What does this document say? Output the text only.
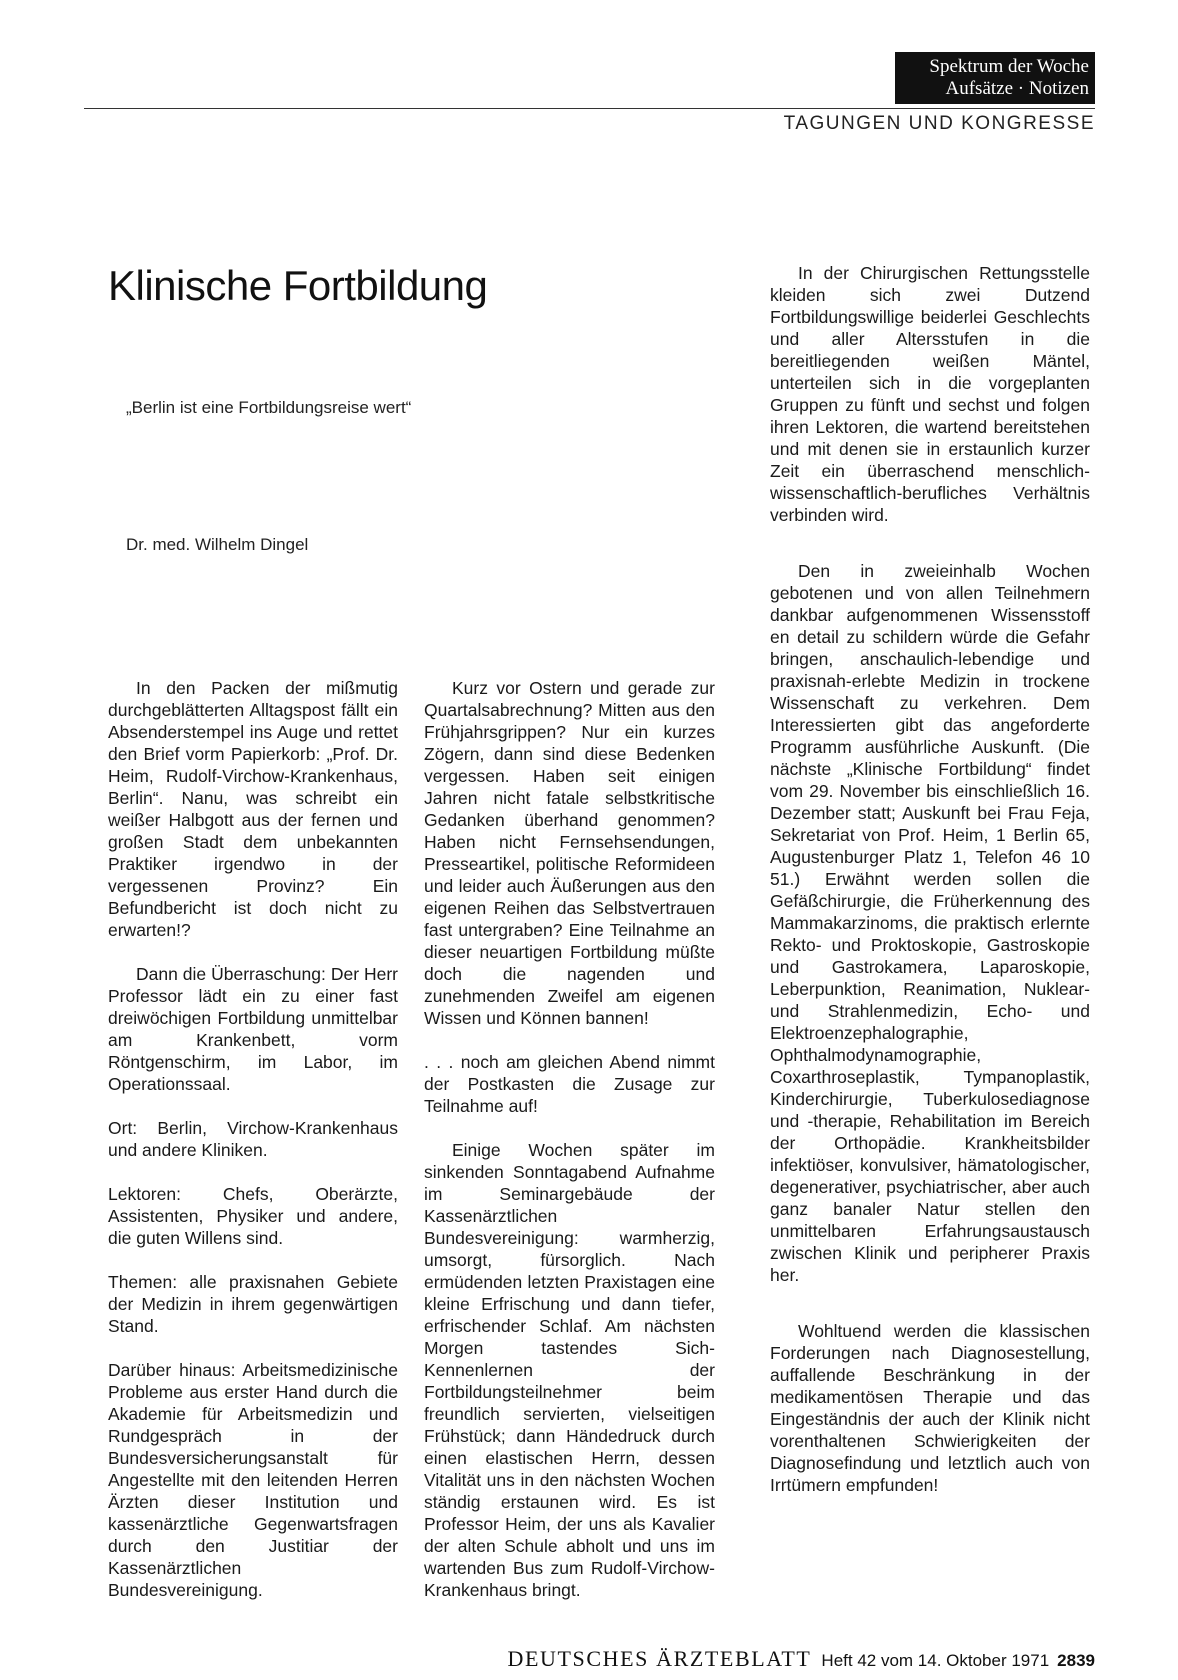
Spektrum der Woche
Aufsätze · Notizen
TAGUNGEN UND KONGRESSE
Klinische Fortbildung
„Berlin ist eine Fortbildungsreise wert“
Dr. med. Wilhelm Dingel

In den Packen der mißmutig durchgeblätterten Alltagspost fällt ein Absenderstempel ins Auge und rettet den Brief vorm Papierkorb: „Prof. Dr. Heim, Rudolf-Virchow-Krankenhaus, Berlin“. Nanu, was schreibt ein weißer Halbgott aus der fernen und großen Stadt dem unbekannten Praktiker irgendwo in der vergessenen Provinz? Ein Befundbericht ist doch nicht zu erwarten!?

Dann die Überraschung: Der Herr Professor lädt ein zu einer fast dreiwöchigen Fortbildung unmittelbar am Krankenbett, vorm Röntgenschirm, im Labor, im Operationssaal.

Ort: Berlin, Virchow-Krankenhaus und andere Kliniken.

Lektoren: Chefs, Oberärzte, Assistenten, Physiker und andere, die guten Willens sind.

Themen: alle praxisnahen Gebiete der Medizin in ihrem gegenwärtigen Stand.

Darüber hinaus: Arbeitsmedizinische Probleme aus erster Hand durch die Akademie für Arbeitsmedizin und Rundgespräch in der Bundesversicherungsanstalt für Angestellte mit den leitenden Herren Ärzten dieser Institution und kassenärztliche Gegenwartsfragen durch den Justitiar der Kassenärztlichen Bundesvereinigung.

Kurz vor Ostern und gerade zur Quartalsabrechnung? Mitten aus den Frühjahrsgrippen? Nur ein kurzes Zögern, dann sind diese Bedenken vergessen. Haben seit einigen Jahren nicht fatale selbstkritische Gedanken überhand genommen? Haben nicht Fernsehsendungen, Presseartikel, politische Reformideen und leider auch Äußerungen aus den eigenen Reihen das Selbstvertrauen fast untergraben? Eine Teilnahme an dieser neuartigen Fortbildung müßte doch die nagenden und zunehmenden Zweifel am eigenen Wissen und Können bannen!

. . . noch am gleichen Abend nimmt der Postkasten die Zusage zur Teilnahme auf!

Einige Wochen später im sinkenden Sonntagabend Aufnahme im Seminargebäude der Kassenärztlichen Bundesvereinigung: warmherzig, umsorgt, fürsorglich. Nach ermüdenden letzten Praxistagen eine kleine Erfrischung und dann tiefer, erfrischender Schlaf. Am nächsten Morgen tastendes Sich-Kennenlernen der Fortbildungsteilnehmer beim freundlich servierten, vielseitigen Frühstück; dann Händedruck durch einen elastischen Herrn, dessen Vitalität uns in den nächsten Wochen ständig erstaunen wird. Es ist Professor Heim, der uns als Kavalier der alten Schule abholt und uns im wartenden Bus zum Rudolf-Virchow-Krankenhaus bringt.

In der Chirurgischen Rettungsstelle kleiden sich zwei Dutzend Fortbildungswillige beiderlei Geschlechts und aller Altersstufen in die bereitliegenden weißen Mäntel, unterteilen sich in die vorgeplanten Gruppen zu fünft und sechst und folgen ihren Lektoren, die wartend bereitstehen und mit denen sie in erstaunlich kurzer Zeit ein überraschend menschlich-wissenschaftlich-berufliches Verhältnis verbinden wird.

Den in zweieinhalb Wochen gebotenen und von allen Teilnehmern dankbar aufgenommenen Wissensstoff en detail zu schildern würde die Gefahr bringen, anschaulich-lebendige und praxisnah-erlebte Medizin in trockene Wissenschaft zu verkehren. Dem Interessierten gibt das angeforderte Programm ausführliche Auskunft. (Die nächste „Klinische Fortbildung“ findet vom 29. November bis einschließlich 16. Dezember statt; Auskunft bei Frau Feja, Sekretariat von Prof. Heim, 1 Berlin 65, Augustenburger Platz 1, Telefon 46 10 51.) Erwähnt werden sollen die Gefäßchirurgie, die Früherkennung des Mammakarzinoms, die praktisch erlernte Rekto- und Proktoskopie, Gastroskopie und Gastrokamera, Laparoskopie, Leberpunktion, Reanimation, Nuklear- und Strahlenmedizin, Echo- und Elektroenzephalographie, Ophthalmodynamographie, Coxarthroseplastik, Tympanoplastik, Kinderchirurgie, Tuberkulosediagnose und -therapie, Rehabilitation im Bereich der Orthopädie. Krankheitsbilder infektiöser, konvulsiver, hämatologischer, degenerativer, psychiatrischer, aber auch ganz banaler Natur stellen den unmittelbaren Erfahrungsaustausch zwischen Klinik und peripherer Praxis her.

Wohltuend werden die klassischen Forderungen nach Diagnosestellung, auffallende Beschränkung in der medikamentösen Therapie und das Eingeständnis der auch der Klinik nicht vorenthaltenen Schwierigkeiten der Diagnosefindung und letztlich auch von Irrtümern empfunden!

DEUTSCHES ÄRZTEBLATT Heft 42 vom 14. Oktober 1971 2839
